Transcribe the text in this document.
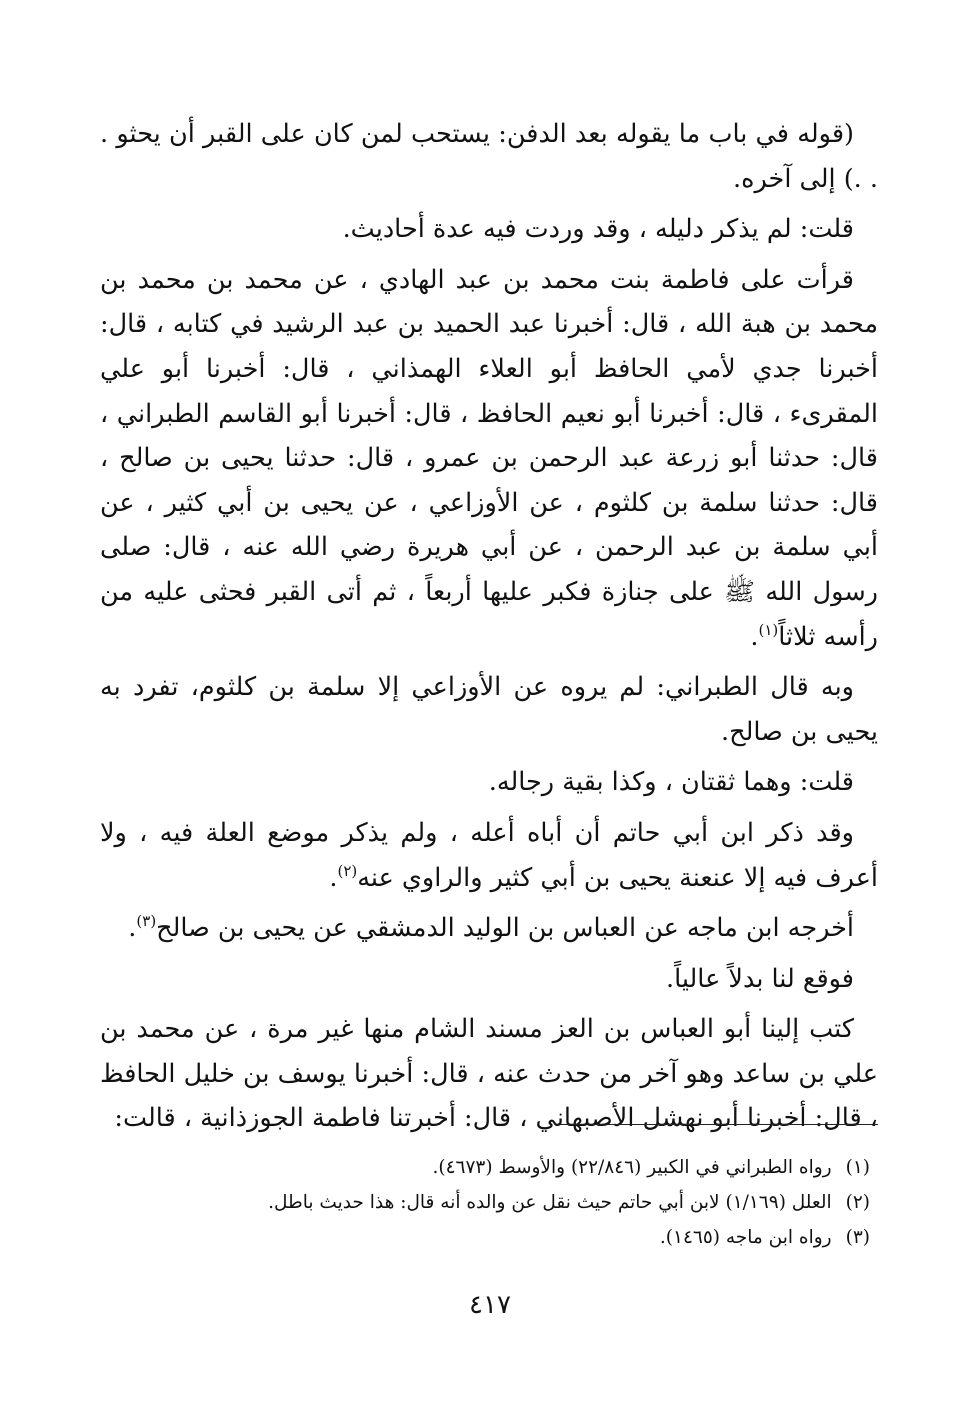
(قوله في باب ما يقوله بعد الدفن: يستحب لمن كان على القبر أن يحثو . . .) إلى آخره.

قلت: لم يذكر دليله ، وقد وردت فيه عدة أحاديث.

قرأت على فاطمة بنت محمد بن عبد الهادي ، عن محمد بن محمد بن محمد بن هبة الله ، قال: أخبرنا عبد الحميد بن عبد الرشيد في كتابه ، قال: أخبرنا جدي لأمي الحافظ أبو العلاء الهمذاني ، قال: أخبرنا أبو علي المقرىء ، قال: أخبرنا أبو نعيم الحافظ ، قال: أخبرنا أبو القاسم الطبراني ، قال: حدثنا أبو زرعة عبد الرحمن بن عمرو ، قال: حدثنا يحيى بن صالح ، قال: حدثنا سلمة بن كلثوم ، عن الأوزاعي ، عن يحيى بن أبي كثير ، عن أبي سلمة بن عبد الرحمن ، عن أبي هريرة رضي الله عنه ، قال: صلى رسول الله ﷺ على جنازة فكبر عليها أربعاً ، ثم أتى القبر فحثى عليه من رأسه ثلاثاً$^{(١)}$.

وبه قال الطبراني: لم يروه عن الأوزاعي إلا سلمة بن كلثوم، تفرد به يحيى بن صالح.

قلت: وهما ثقتان ، وكذا بقية رجاله.

وقد ذكر ابن أبي حاتم أن أباه أعله ، ولم يذكر موضع العلة فيه ، ولا أعرف فيه إلا عنعنة يحيى بن أبي كثير والراوي عنه$^{(٢)}$.

أخرجه ابن ماجه عن العباس بن الوليد الدمشقي عن يحيى بن صالح$^{(٣)}$.

فوقع لنا بدلاً عالياً.

كتب إلينا أبو العباس بن العز مسند الشام منها غير مرة ، عن محمد بن علي بن ساعد وهو آخر من حدث عنه ، قال: أخبرنا يوسف بن خليل الحافظ ، قال: أخبرنا أبو نهشل الأصبهاني ، قال: أخبرتنا فاطمة الجوزذانية ، قالت:

(١)
رواه الطبراني في الكبير (٢٢/٨٤٦) والأوسط (٤٦٧٣).
(٢)
العلل (١/١٦٩) لابن أبي حاتم حيث نقل عن والده أنه قال: هذا حديث باطل.
(٣)
رواه ابن ماجه (١٤٦٥).
٤١٧
